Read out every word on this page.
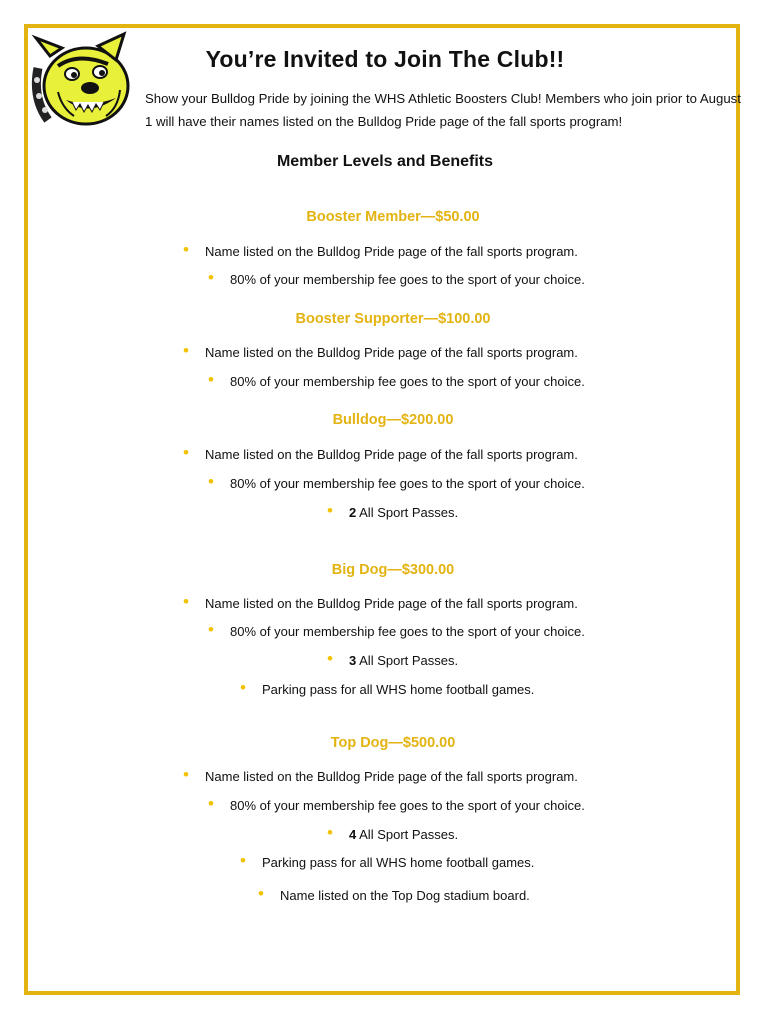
You’re Invited to Join The Club!!
Show your Bulldog Pride by joining the WHS Athletic Boosters Club! Members who join prior to August 1 will have their names listed on the Bulldog Pride page of the fall sports program!
Member Levels and Benefits
Booster Member—$50.00
• Name listed on the Bulldog Pride page of the fall sports program.
• 80% of your membership fee goes to the sport of your choice.
Booster Supporter—$100.00
• Name listed on the Bulldog Pride page of the fall sports program.
• 80% of your membership fee goes to the sport of your choice.
Bulldog—$200.00
• Name listed on the Bulldog Pride page of the fall sports program.
• 80% of your membership fee goes to the sport of your choice.
• 2 All Sport Passes.
Big Dog—$300.00
• Name listed on the Bulldog Pride page of the fall sports program.
• 80% of your membership fee goes to the sport of your choice.
• 3 All Sport Passes.
• Parking pass for all WHS home football games.
Top Dog—$500.00
• Name listed on the Bulldog Pride page of the fall sports program.
• 80% of your membership fee goes to the sport of your choice.
• 4 All Sport Passes.
• Parking pass for all WHS home football games.
• Name listed on the Top Dog stadium board.
